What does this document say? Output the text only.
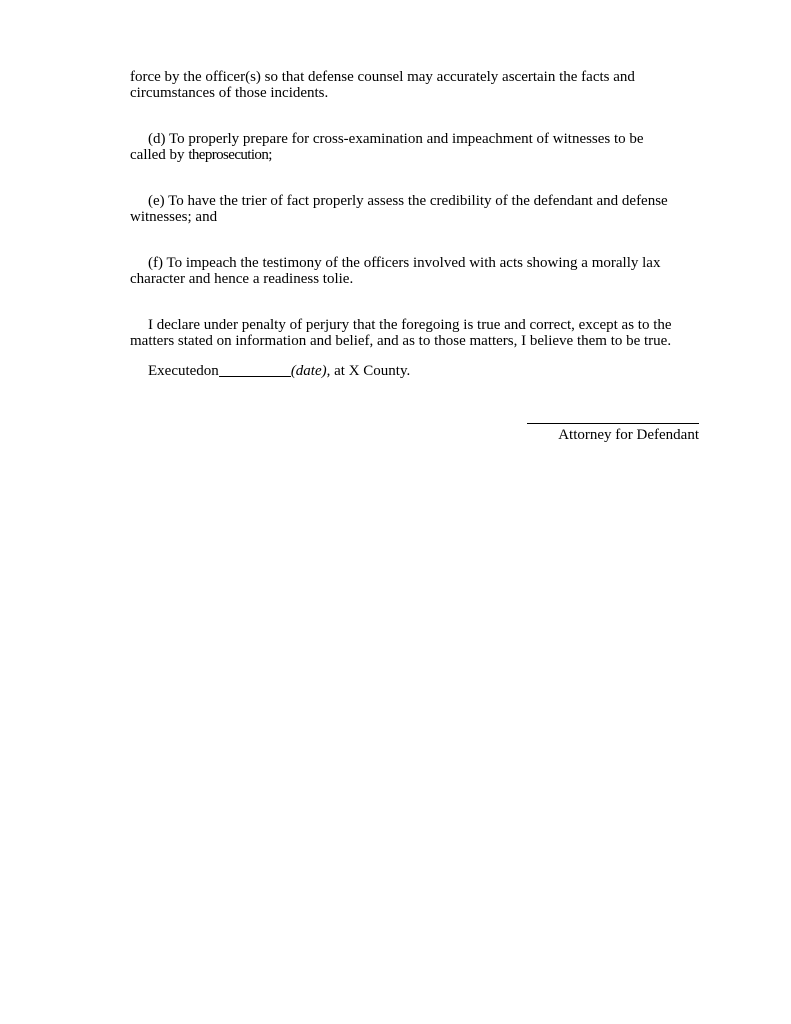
force by the officer(s) so that defense counsel may accurately ascertain the facts and
circumstances of those incidents.

(d) To properly prepare for cross-examination and impeachment of witnesses to be
called by theprosecution;

(e) To have the trier of fact properly assess the credibility of the defendant and defense
witnesses; and

(f) To impeach the testimony of the officers involved with acts showing a morally lax
character and hence a readiness tolie.

I declare under penalty of perjury that the foregoing is true and correct, except as to the
matters stated on information and belief, and as to those matters, I believe them to be true.

Executedon	(date), at X County.

Attorney for Defendant
